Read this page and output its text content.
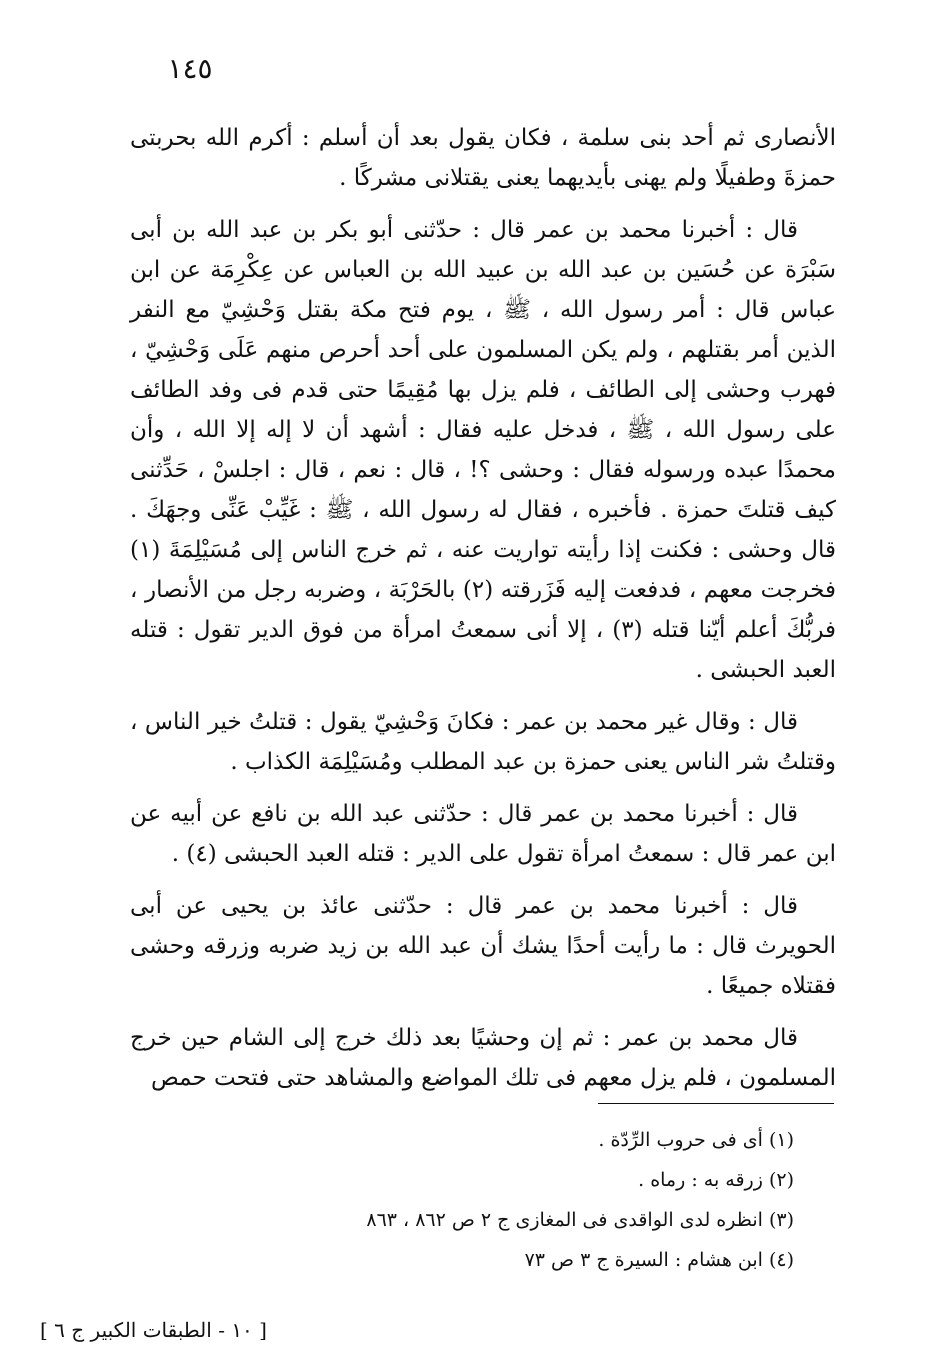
١٤٥

الأنصارى ثم أحد بنى سلمة ، فكان يقول بعد أن أسلم : أكرم الله بحربتى حمزةَ وطفيلًا ولم يهنى بأيديهما يعنى يقتلانى مشركًا .

قال : أخبرنا محمد بن عمر قال : حدّثنى أبو بكر بن عبد الله بن أبى سَبْرَة عن حُسَين بن عبد الله بن عبيد الله بن العباس عن عِكْرِمَة عن ابن عباس قال : أمر رسول الله ، ﷺ ، يوم فتح مكة بقتل وَحْشِيّ مع النفر الذين أمر بقتلهم ، ولم يكن المسلمون على أحد أحرص منهم عَلَى وَحْشِيّ ، فهرب وحشى إلى الطائف ، فلم يزل بها مُقِيمًا حتى قدم فى وفد الطائف على رسول الله ، ﷺ ، فدخل عليه فقال : أشهد أن لا إله إلا الله ، وأن محمدًا عبده ورسوله فقال : وحشى ؟! ، قال : نعم ، قال : اجلسْ ، حَدِّثنى كيف قتلتَ حمزة . فأخبره ، فقال له رسول الله ، ﷺ : غَيِّبْ عَنِّى وجهَكَ . قال وحشى : فكنت إذا رأيته تواريت عنه ، ثم خرج الناس إلى مُسَيْلِمَةَ (١) فخرجت معهم ، فدفعت إليه فَزَرقته (٢) بالحَرْبَة ، وضربه رجل من الأنصار ، فربُّكَ أعلم أيّنا قتله (٣) ، إلا أنى سمعتُ امرأة من فوق الدير تقول : قتله العبد الحبشى .

قال : وقال غير محمد بن عمر : فكانَ وَحْشِيّ يقول : قتلتُ خير الناس ، وقتلتُ شر الناس يعنى حمزة بن عبد المطلب ومُسَيْلِمَة الكذاب .

قال : أخبرنا محمد بن عمر قال : حدّثنى عبد الله بن نافع عن أبيه عن ابن عمر قال : سمعتُ امرأة تقول على الدير : قتله العبد الحبشى (٤) .

قال : أخبرنا محمد بن عمر قال : حدّثنى عائذ بن يحيى عن أبى الحويرث قال : ما رأيت أحدًا يشك أن عبد الله بن زيد ضربه وزرقه وحشى فقتلاه جميعًا .

قال محمد بن عمر : ثم إن وحشيًا بعد ذلك خرج إلى الشام حين خرج المسلمون ، فلم يزل معهم فى تلك المواضع والمشاهد حتى فتحت حمص

(١) أى فى حروب الرِّدّة .

(٢) زرقه به : رماه .

(٣) انظره لدى الواقدى فى المغازى ج ٢ ص ٨٦٢ ، ٨٦٣

(٤) ابن هشام : السيرة ج ٣ ص ٧٣

[ ١٠ - الطبقات الكبير ج ٦ ]
